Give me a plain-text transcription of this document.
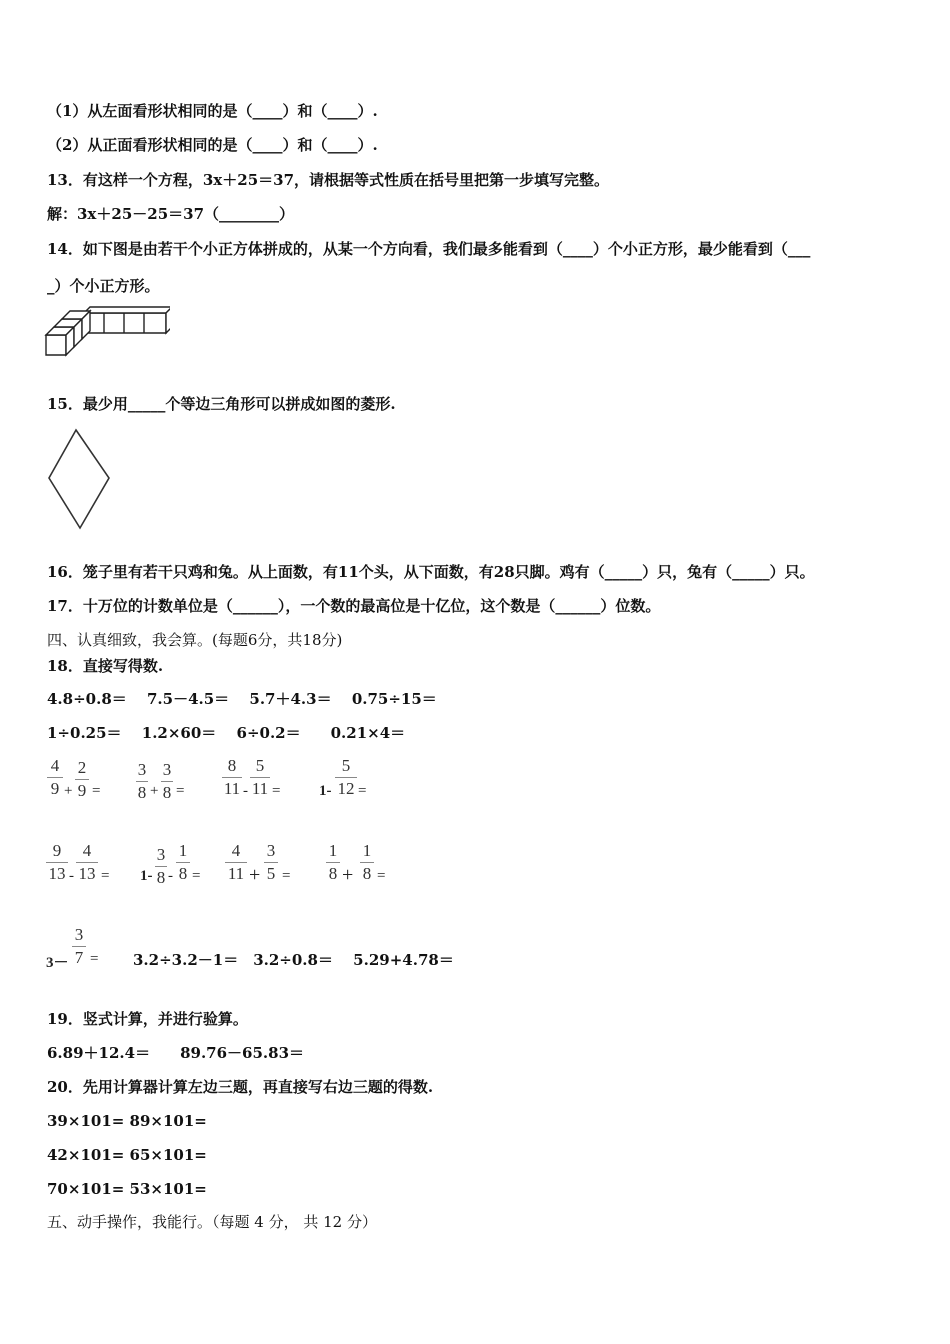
（1）从左面看形状相同的是（____）和（____）.
（2）从正面看形状相同的是（____）和（____）.
13．有这样一个方程，3x＋25＝37，请根据等式性质在括号里把第一步填写完整。
解：3x＋25－25＝37（________）
14．如下图是由若干个小正方体拼成的，从某一个方向看，我们最多能看到（____）个小正方形，最少能看到（___
_）个小正方形。
15．最少用_____个等边三角形可以拼成如图的菱形.
16．笼子里有若干只鸡和兔。从上面数，有11个头，从下面数，有28只脚。鸡有（_____）只，兔有（_____）只。
17．十万位的计数单位是（______），一个数的最高位是十亿位，这个数是（______）位数。
四、认真细致，我会算。(每题6分，共18分)
18．直接写得数.
4.8÷0.8＝　 7.5－4.5＝　 5.7＋4.3＝　 0.75÷15＝
1÷0.25＝　 1.2×60＝　 6÷0.2＝　　0.21×4＝
4
9 +
2
9 =
3
8 +
3
8 =
8
11 -
5
11 =	1-
5
12 =
9
13 -
4
13 = 1-
3
8 -
1
8 =
4
11 +
3
5 =
1
8 +
1
8 =
3－
3
7 = 3.2÷3.2－1＝　3.2÷0.8＝　 5.29+4.78＝
19．竖式计算，并进行验算。
6.89＋12.4＝　　89.76－65.83＝
20．先用计算器计算左边三题，再直接写右边三题的得数.
39×101= 89×101=
42×101= 65×101=
70×101= 53×101=
五、动手操作，我能行。（每题 4 分， 共 12 分）
